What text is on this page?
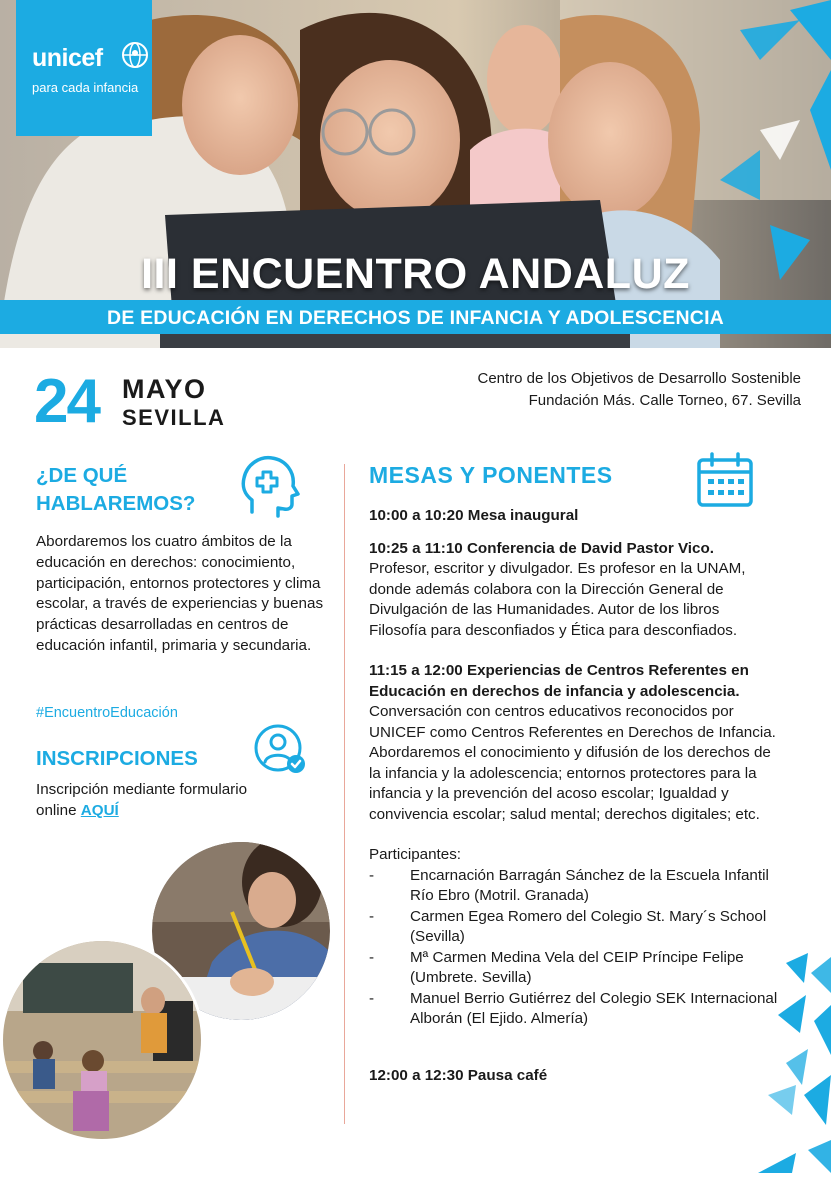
unicef
para cada infancia
III ENCUENTRO ANDALUZ
DE EDUCACIÓN EN DERECHOS DE INFANCIA Y ADOLESCENCIA
24 MAYO
SEVILLA
Centro de los Objetivos de Desarrollo Sostenible
Fundación Más. Calle Torneo, 67. Sevilla
¿DE QUÉ
HABLAREMOS?
Abordaremos los cuatro ámbitos de la educación en derechos: conocimiento, participación, entornos protectores y clima escolar, a través de experiencias y buenas prácticas desarrolladas en centros de educación infantil, primaria y secundaria.
#EncuentroEducación
INSCRIPCIONES
Inscripción mediante formulario online AQUÍ
MESAS Y PONENTES

10:00 a 10:20 Mesa inaugural

10:25 a 11:10 Conferencia de David Pastor Vico.

Profesor, escritor y divulgador. Es profesor en la UNAM, donde además colabora con la Dirección General de Divulgación de las Humanidades. Autor de los libros Filosofía para desconfiados y Ética para desconfiados.

11:15 a 12:00 Experiencias de Centros Referentes en Educación en derechos de infancia y adolescencia.

Conversación con centros educativos reconocidos por UNICEF como Centros Referentes en Derechos de Infancia. Abordaremos el conocimiento y difusión de los derechos de la infancia y la adolescencia; entornos protectores para la infancia y la prevención del acoso escolar; Igualdad y convivencia escolar; salud mental; derechos digitales; etc.

Participantes:

- Encarnación Barragán Sánchez de la Escuela Infantil Río Ebro (Motril. Granada)
- Carmen Egea Romero del Colegio St. Mary´s School (Sevilla)
- Mª Carmen Medina Vela del CEIP Príncipe Felipe (Umbrete. Sevilla)
- Manuel Berrio Gutiérrez del Colegio SEK Internacional Alborán (El Ejido. Almería)

12:00 a 12:30 Pausa café
